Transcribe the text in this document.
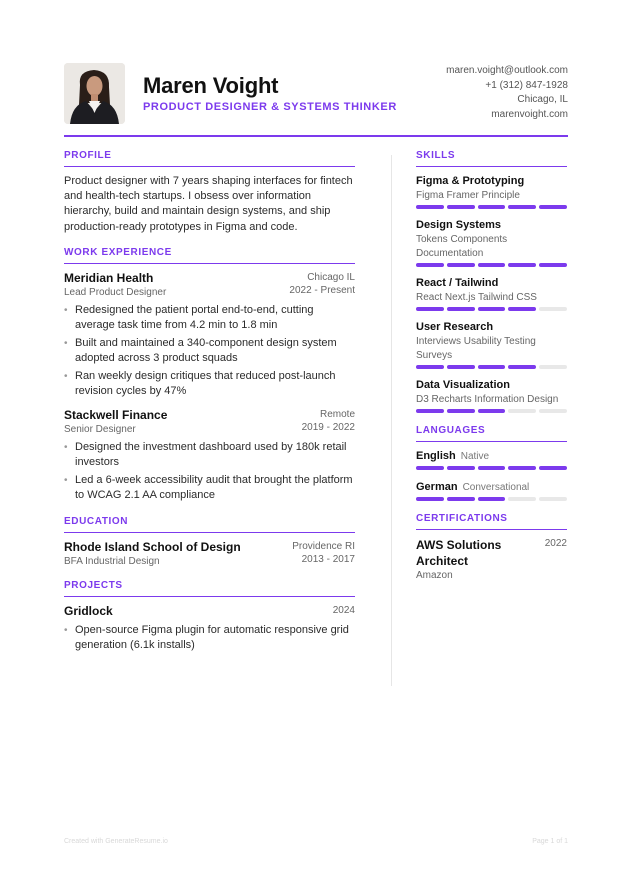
Maren Voight
PRODUCT DESIGNER & SYSTEMS THINKER
maren.voight@outlook.com
+1 (312) 847-1928
Chicago, IL
marenvoight.com
PROFILE
Product designer with 7 years shaping interfaces for fintech and health-tech startups. I obsess over information hierarchy, build and maintain design systems, and ship production-ready prototypes in Figma and code.
WORK EXPERIENCE
Meridian Health
Lead Product Designer
Chicago IL
2022 - Present
• Redesigned the patient portal end-to-end, cutting average task time from 4.2 min to 1.8 min
• Built and maintained a 340-component design system adopted across 3 product squads
• Ran weekly design critiques that reduced post-launch revision cycles by 47%
Stackwell Finance
Senior Designer
Remote
2019 - 2022
• Designed the investment dashboard used by 180k retail investors
• Led a 6-week accessibility audit that brought the platform to WCAG 2.1 AA compliance
EDUCATION
Rhode Island School of Design
BFA Industrial Design
Providence RI
2013 - 2017
PROJECTS
Gridlock	2024
• Open-source Figma plugin for automatic responsive grid generation (6.1k installs)
SKILLS
Figma & Prototyping
Figma Framer Principle
Design Systems
Tokens Components Documentation
React / Tailwind
React Next.js Tailwind CSS
User Research
Interviews Usability Testing Surveys
Data Visualization
D3 Recharts Information Design
LANGUAGES
English Native
German Conversational
CERTIFICATIONS
AWS Solutions Architect
2022
Amazon
Created with GenerateResume.io	Page 1 of 1
